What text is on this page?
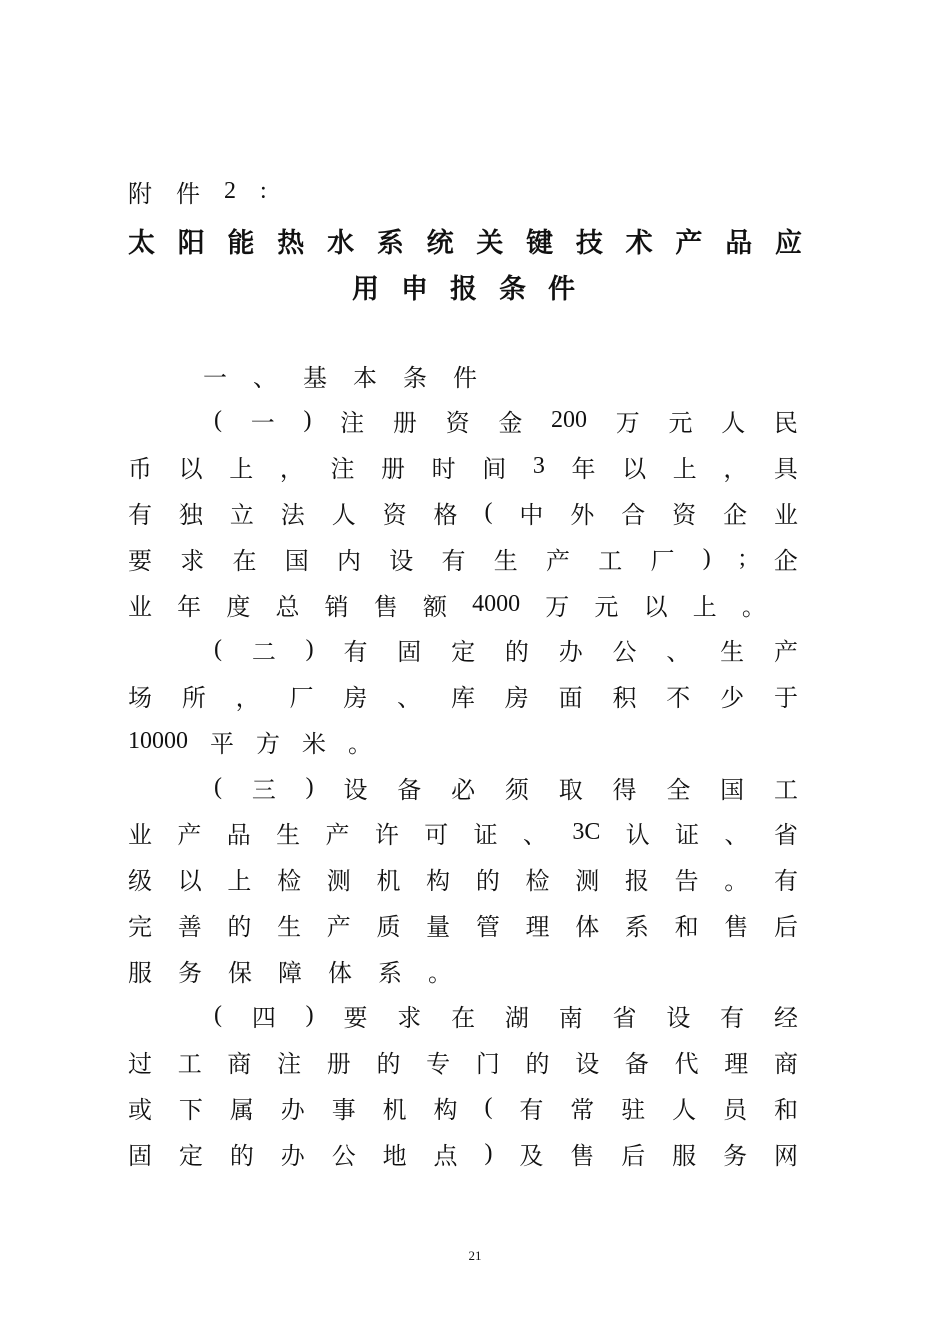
附 件 2 :
太 阳 能 热 水 系 统 关 键 技 术 产 品 应
用 申 报 条 件
一 、 基 本 条 件
( 一 ) 注 册 资 金 200 万 元 人 民
币 以 上 ， 注 册 时 间 3 年 以 上 ， 具
有 独 立 法 人 资 格 ( 中 外 合 资 企 业
要 求 在 国 内 设 有 生 产 工 厂 ) ; 企
业 年 度 总 销 售 额 4000 万 元 以 上 。
( 二 ) 有 固 定 的 办 公 、 生 产
场 所 ， 厂 房 、 库 房 面 积 不 少 于
10000 平 方 米 。
( 三 ) 设 备 必 须 取 得 全 国 工
业 产 品 生 产 许 可 证 、 3C 认 证 、 省
级 以 上 检 测 机 构 的 检 测 报 告 。 有
完 善 的 生 产 质 量 管 理 体 系 和 售 后
服 务 保 障 体 系 。
( 四 ) 要 求 在 湖 南 省 设 有 经
过 工 商 注 册 的 专 门 的 设 备 代 理 商
或 下 属 办 事 机 构 ( 有 常 驻 人 员 和
固 定 的 办 公 地 点 ) 及 售 后 服 务 网
21
